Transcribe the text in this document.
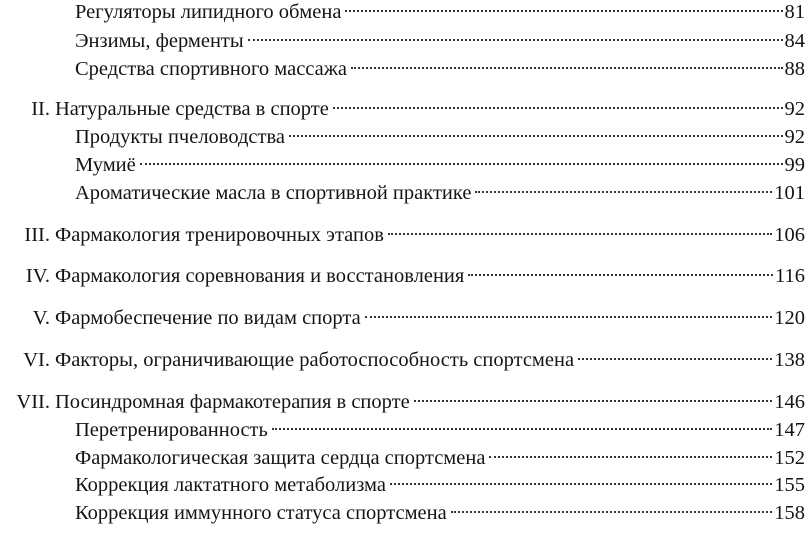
Регуляторы липидного обмена	81
Энзимы, ферменты	84
Средства спортивного массажа	88
II. Натуральные средства в спорте	92
Продукты пчеловодства	92
Мумиё	99
Ароматические масла в спортивной практике	101
III. Фармакология тренировочных этапов	106
IV. Фармакология соревнования и восстановления	116
V. Фармобеспечение по видам спорта	120
VI. Факторы, ограничивающие работоспособность спортсмена	138
VII. Посиндромная фармакотерапия в спорте	146
Перетренированность	147
Фармакологическая защита сердца спортсмена	152
Коррекция лактатного метаболизма	155
Коррекция иммунного статуса спортсмена	158
